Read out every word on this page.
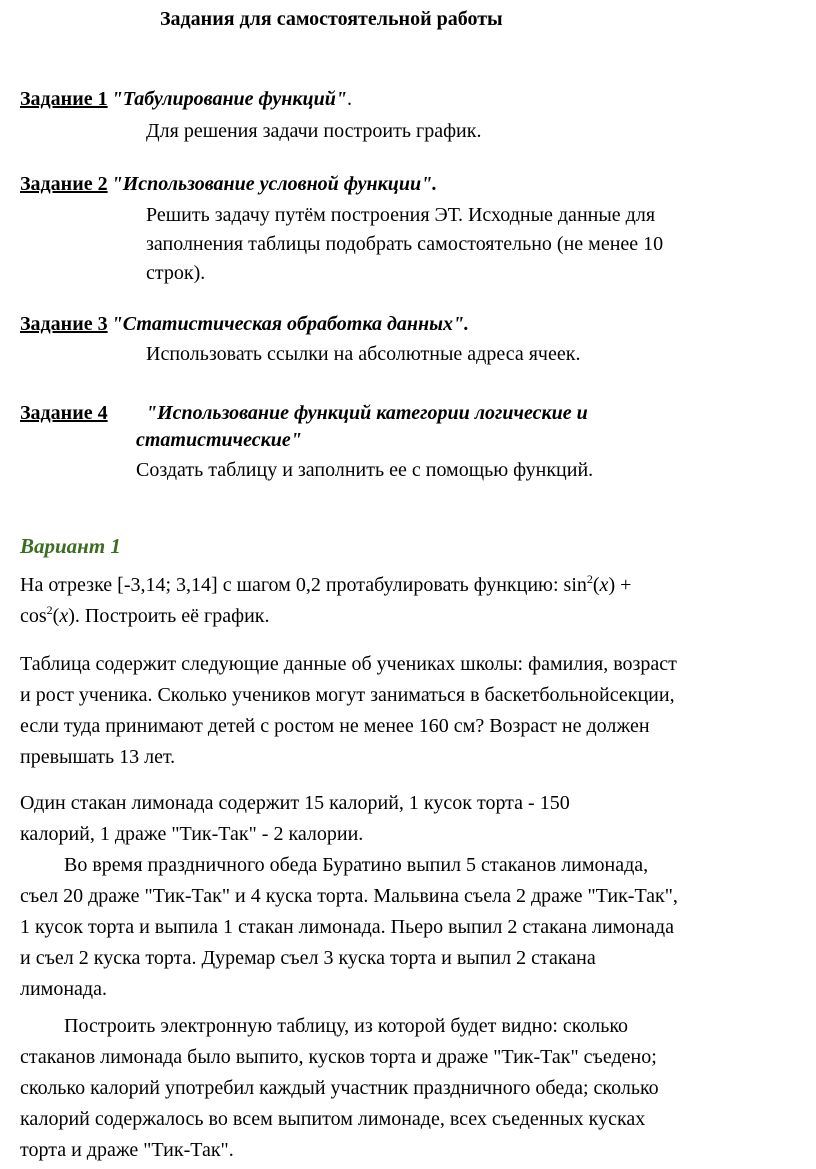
Задания для самостоятельной работы
Задание 1 "Табулирование функций".
Для решения задачи построить график.
Задание 2 "Использование условной функции".
Решить задачу путём построения ЭТ. Исходные данные для
заполнения таблицы подобрать самостоятельно (не менее 10
строк).
Задание 3 "Статистическая обработка данных".
Использовать ссылки на абсолютные адреса ячеек.
Задание 4 "Использование функций категории логические и
статистические"
Создать таблицу и заполнить ее с помощью функций.
Вариант 1
На отрезке [-3,14; 3,14] с шагом 0,2 протабулировать функцию: $\sin^2(x)$ +
$\cos^2(x)$. Построить её график.
Таблица содержит следующие данные об учениках школы: фамилия, возраст
и рост ученика. Сколько учеников могут заниматься в баскетбольнойсекции,
если туда принимают детей с ростом не менее 160 см? Возраст не должен
превышать 13 лет.
Один стакан лимонада содержит 15 калорий, 1 кусок торта - 150
калорий, 1 драже "Тик-Так" - 2 калории.
Во время праздничного обеда Буратино выпил 5 стаканов лимонада,
съел 20 драже "Тик-Так" и 4 куска торта. Мальвина съела 2 драже "Тик-Так",
1 кусок торта и выпила 1 стакан лимонада. Пьеро выпил 2 стакана лимонада
и съел 2 куска торта. Дуремар съел 3 куска торта и выпил 2 стакана
лимонада.
Построить электронную таблицу, из которой будет видно: сколько
стаканов лимонада было выпито, кусков торта и драже "Тик-Так" съедено;
сколько калорий употребил каждый участник праздничного обеда; сколько
калорий содержалось во всем выпитом лимонаде, всех съеденных кусках
торта и драже "Тик-Так".
